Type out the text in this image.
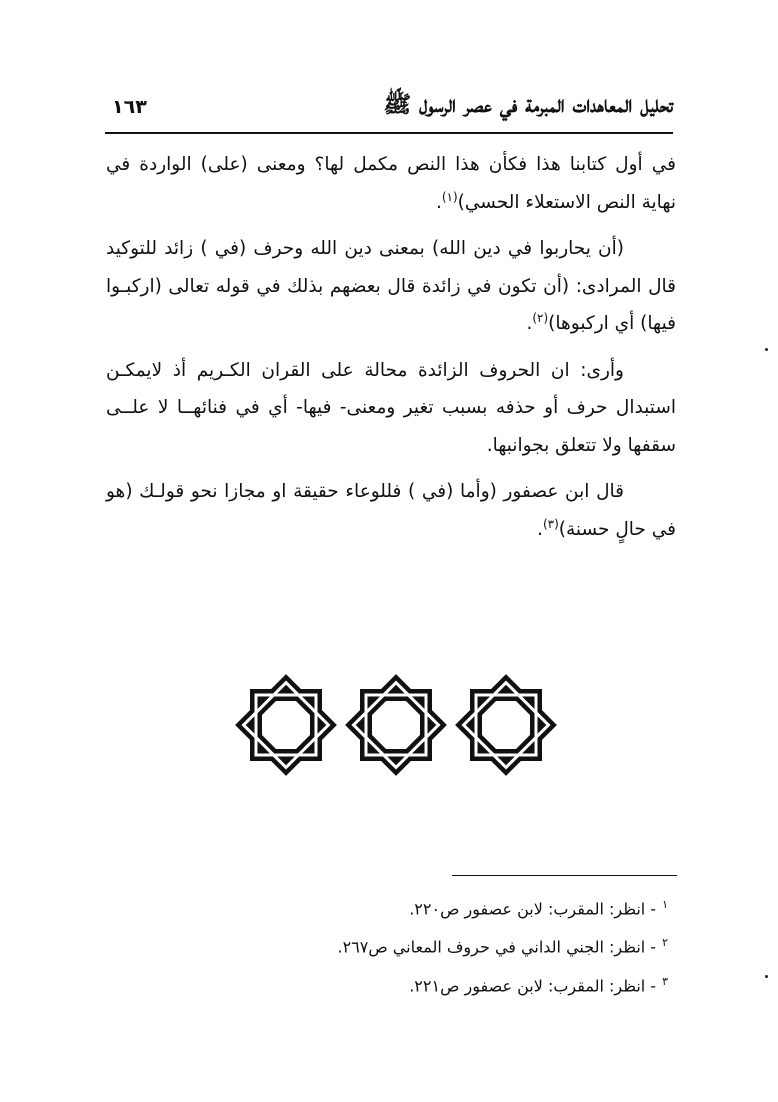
تحليل المعاهدات المبرمة في عصر الرسول ﷺ
١٦٣

في أول كتابنا هذا فكأن هذا النص مكمل لها؟ ومعنى (على) الواردة في نهاية النص الاستعلاء الحسي)$^{(١)}$.

(أن يحاربوا في دين الله) بمعنى دين الله وحرف (في ) زائد للتوكيد قال المرادى: (أن تكون في زائدة قال بعضهم بذلك في قوله تعالى (اركبـوا فيها) أي اركبوها)$^{(٢)}$.

وأرى: ان الحروف الزائدة محالة على القران الكـريم أذ لايمكـن استبدال حرف أو حذفه بسبب تغير ومعنى- فيها- أي في فنائهــا لا علــى سقفها ولا تتعلق بجوانبها.

قال ابن عصفور (وأما (في ) فللوعاء حقيقة او مجازا نحو قولـك (هو في حالٍ حسنة)$^{(٣)}$.

$^١$- انظر: المقرب: لابن عصفور ص٢٢٠.
$^٢$- انظر: الجني الداني في حروف المعاني ص٢٦٧.
$^٣$- انظر: المقرب: لابن عصفور ص٢٢١.
